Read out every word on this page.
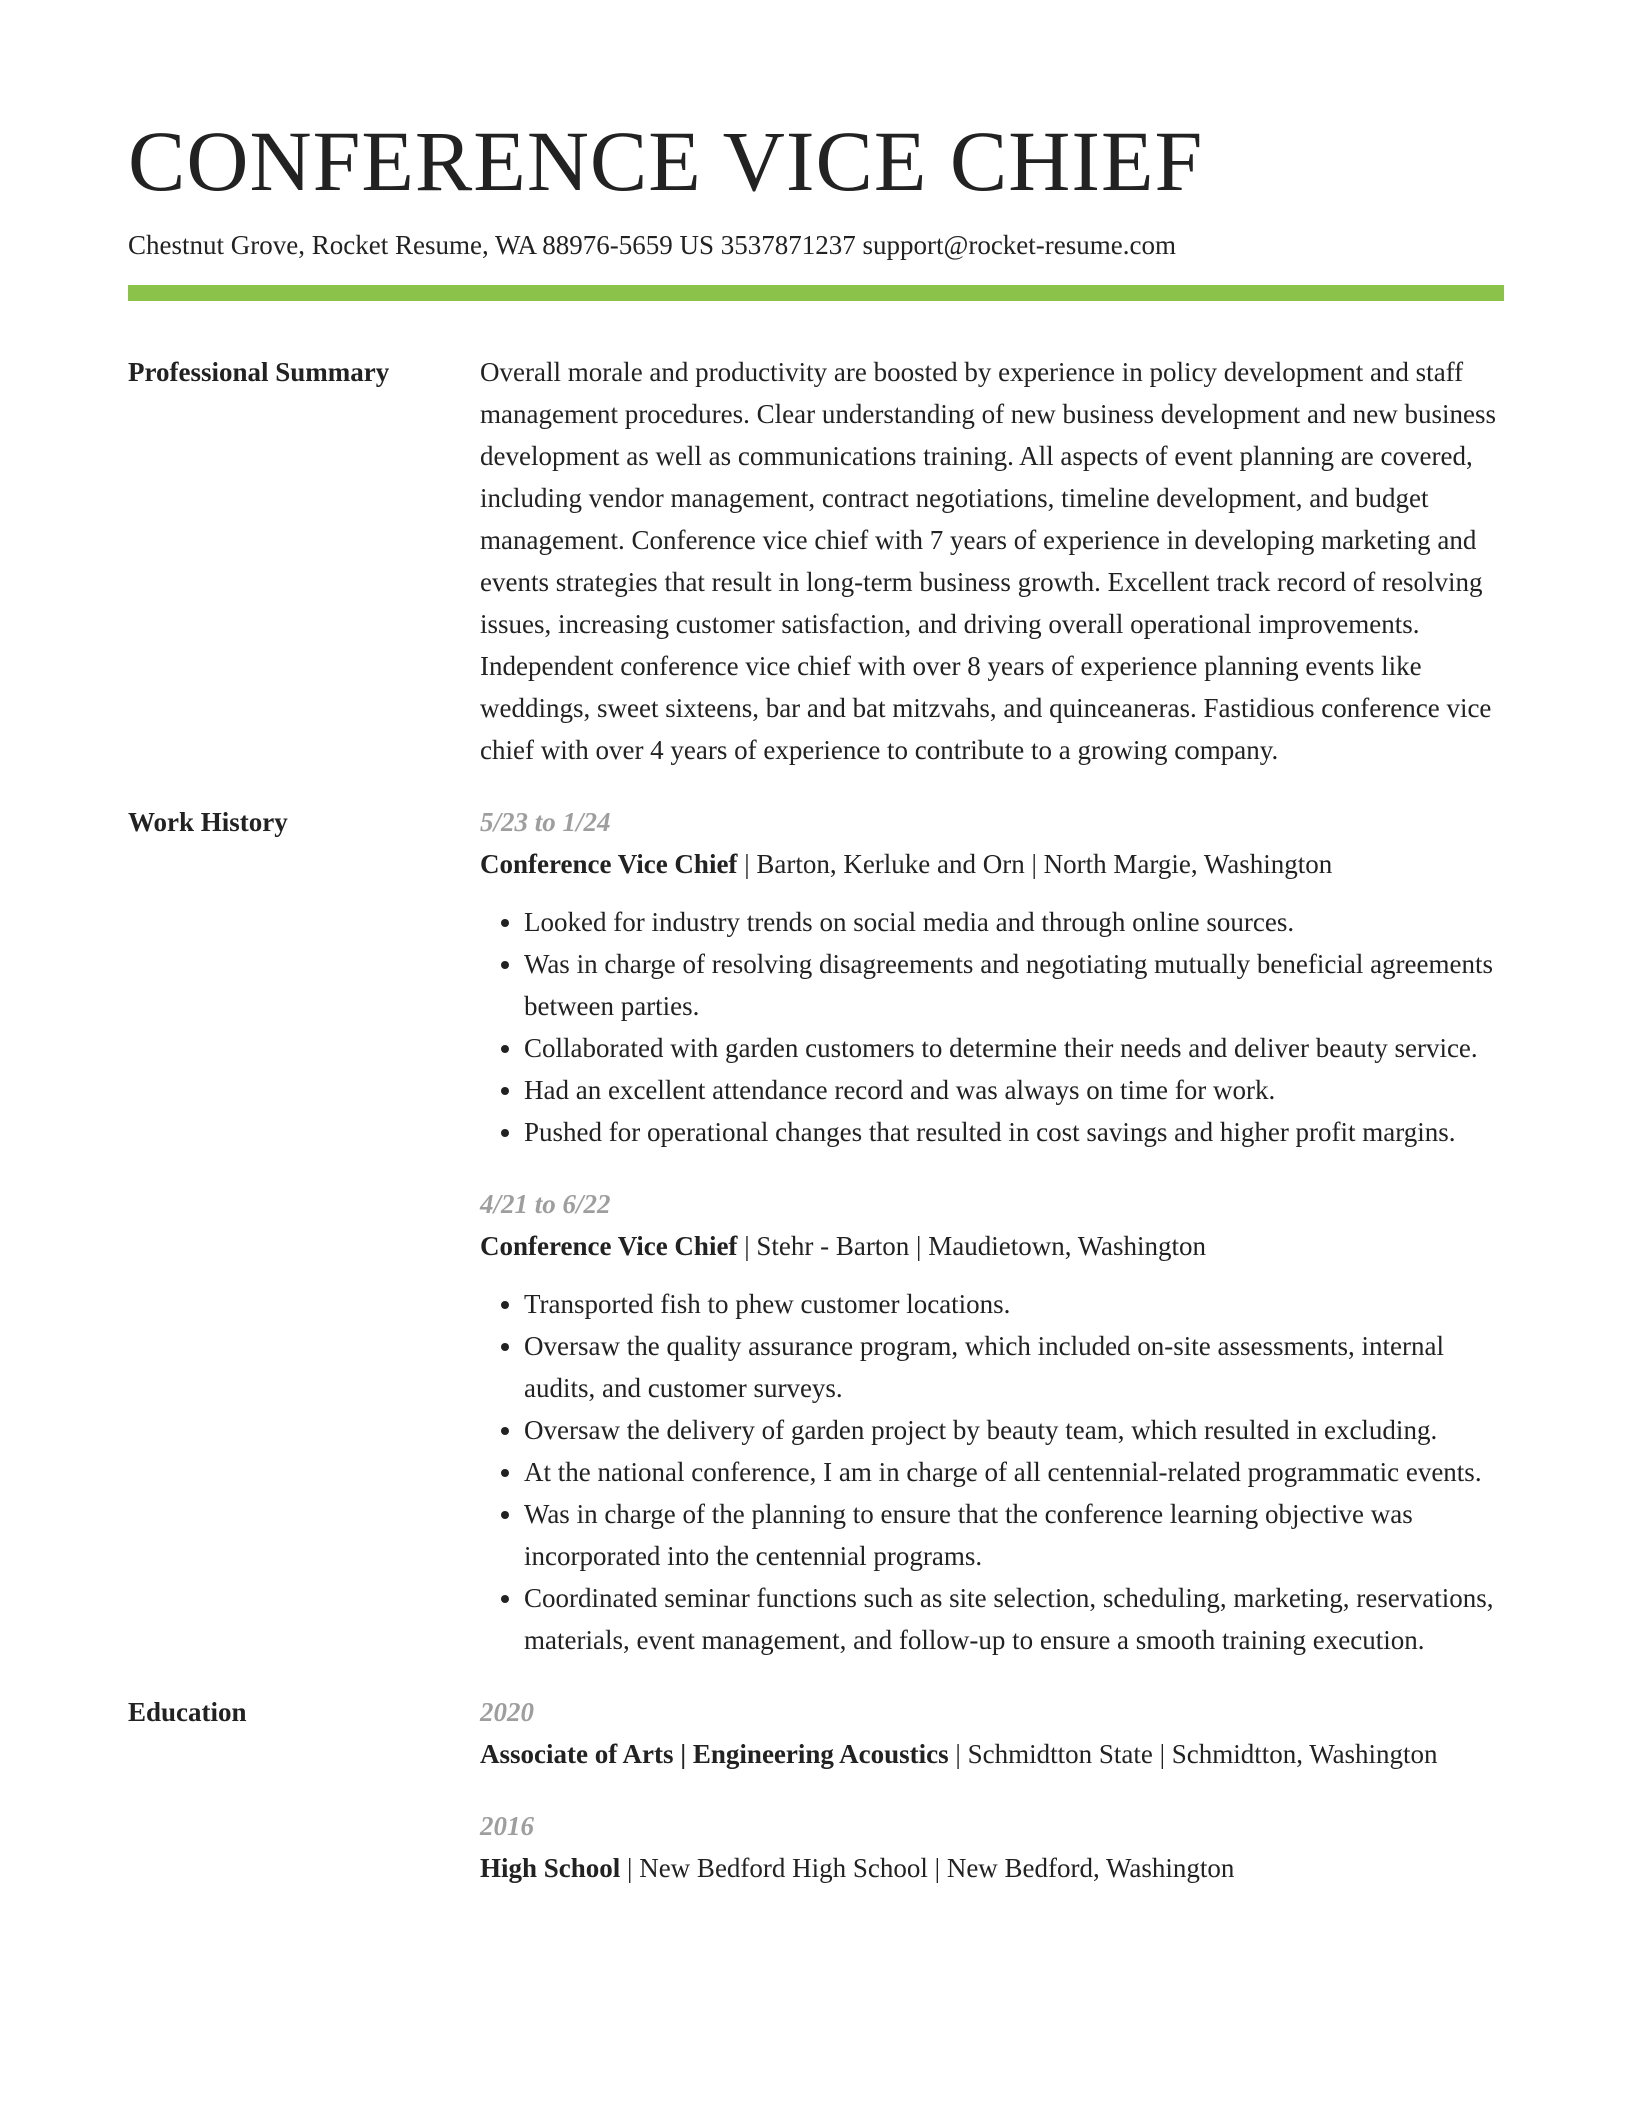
CONFERENCE VICE CHIEF
Chestnut Grove, Rocket Resume, WA 88976-5659 US 3537871237 support@rocket-resume.com
Professional Summary	Overall morale and productivity are boosted by experience in policy development and staff management procedures. Clear understanding of new business development and new business development as well as communications training. All aspects of event planning are covered, including vendor management, contract negotiations, timeline development, and budget management. Conference vice chief with 7 years of experience in developing marketing and events strategies that result in long-term business growth. Excellent track record of resolving issues, increasing customer satisfaction, and driving overall operational improvements. Independent conference vice chief with over 8 years of experience planning events like weddings, sweet sixteens, bar and bat mitzvahs, and quinceaneras. Fastidious conference vice chief with over 4 years of experience to contribute to a growing company.
Work History	5/23 to 1/24
Conference Vice Chief | Barton, Kerluke and Orn | North Margie, Washington
• Looked for industry trends on social media and through online sources.
• Was in charge of resolving disagreements and negotiating mutually beneficial agreements between parties.
• Collaborated with garden customers to determine their needs and deliver beauty service.
• Had an excellent attendance record and was always on time for work.
• Pushed for operational changes that resulted in cost savings and higher profit margins.
4/21 to 6/22
Conference Vice Chief | Stehr - Barton | Maudietown, Washington
• Transported fish to phew customer locations.
• Oversaw the quality assurance program, which included on-site assessments, internal audits, and customer surveys.
• Oversaw the delivery of garden project by beauty team, which resulted in excluding.
• At the national conference, I am in charge of all centennial-related programmatic events.
• Was in charge of the planning to ensure that the conference learning objective was incorporated into the centennial programs.
• Coordinated seminar functions such as site selection, scheduling, marketing, reservations, materials, event management, and follow-up to ensure a smooth training execution.
Education	2020
Associate of Arts | Engineering Acoustics | Schmidtton State | Schmidtton, Washington
2016
High School | New Bedford High School | New Bedford, Washington
